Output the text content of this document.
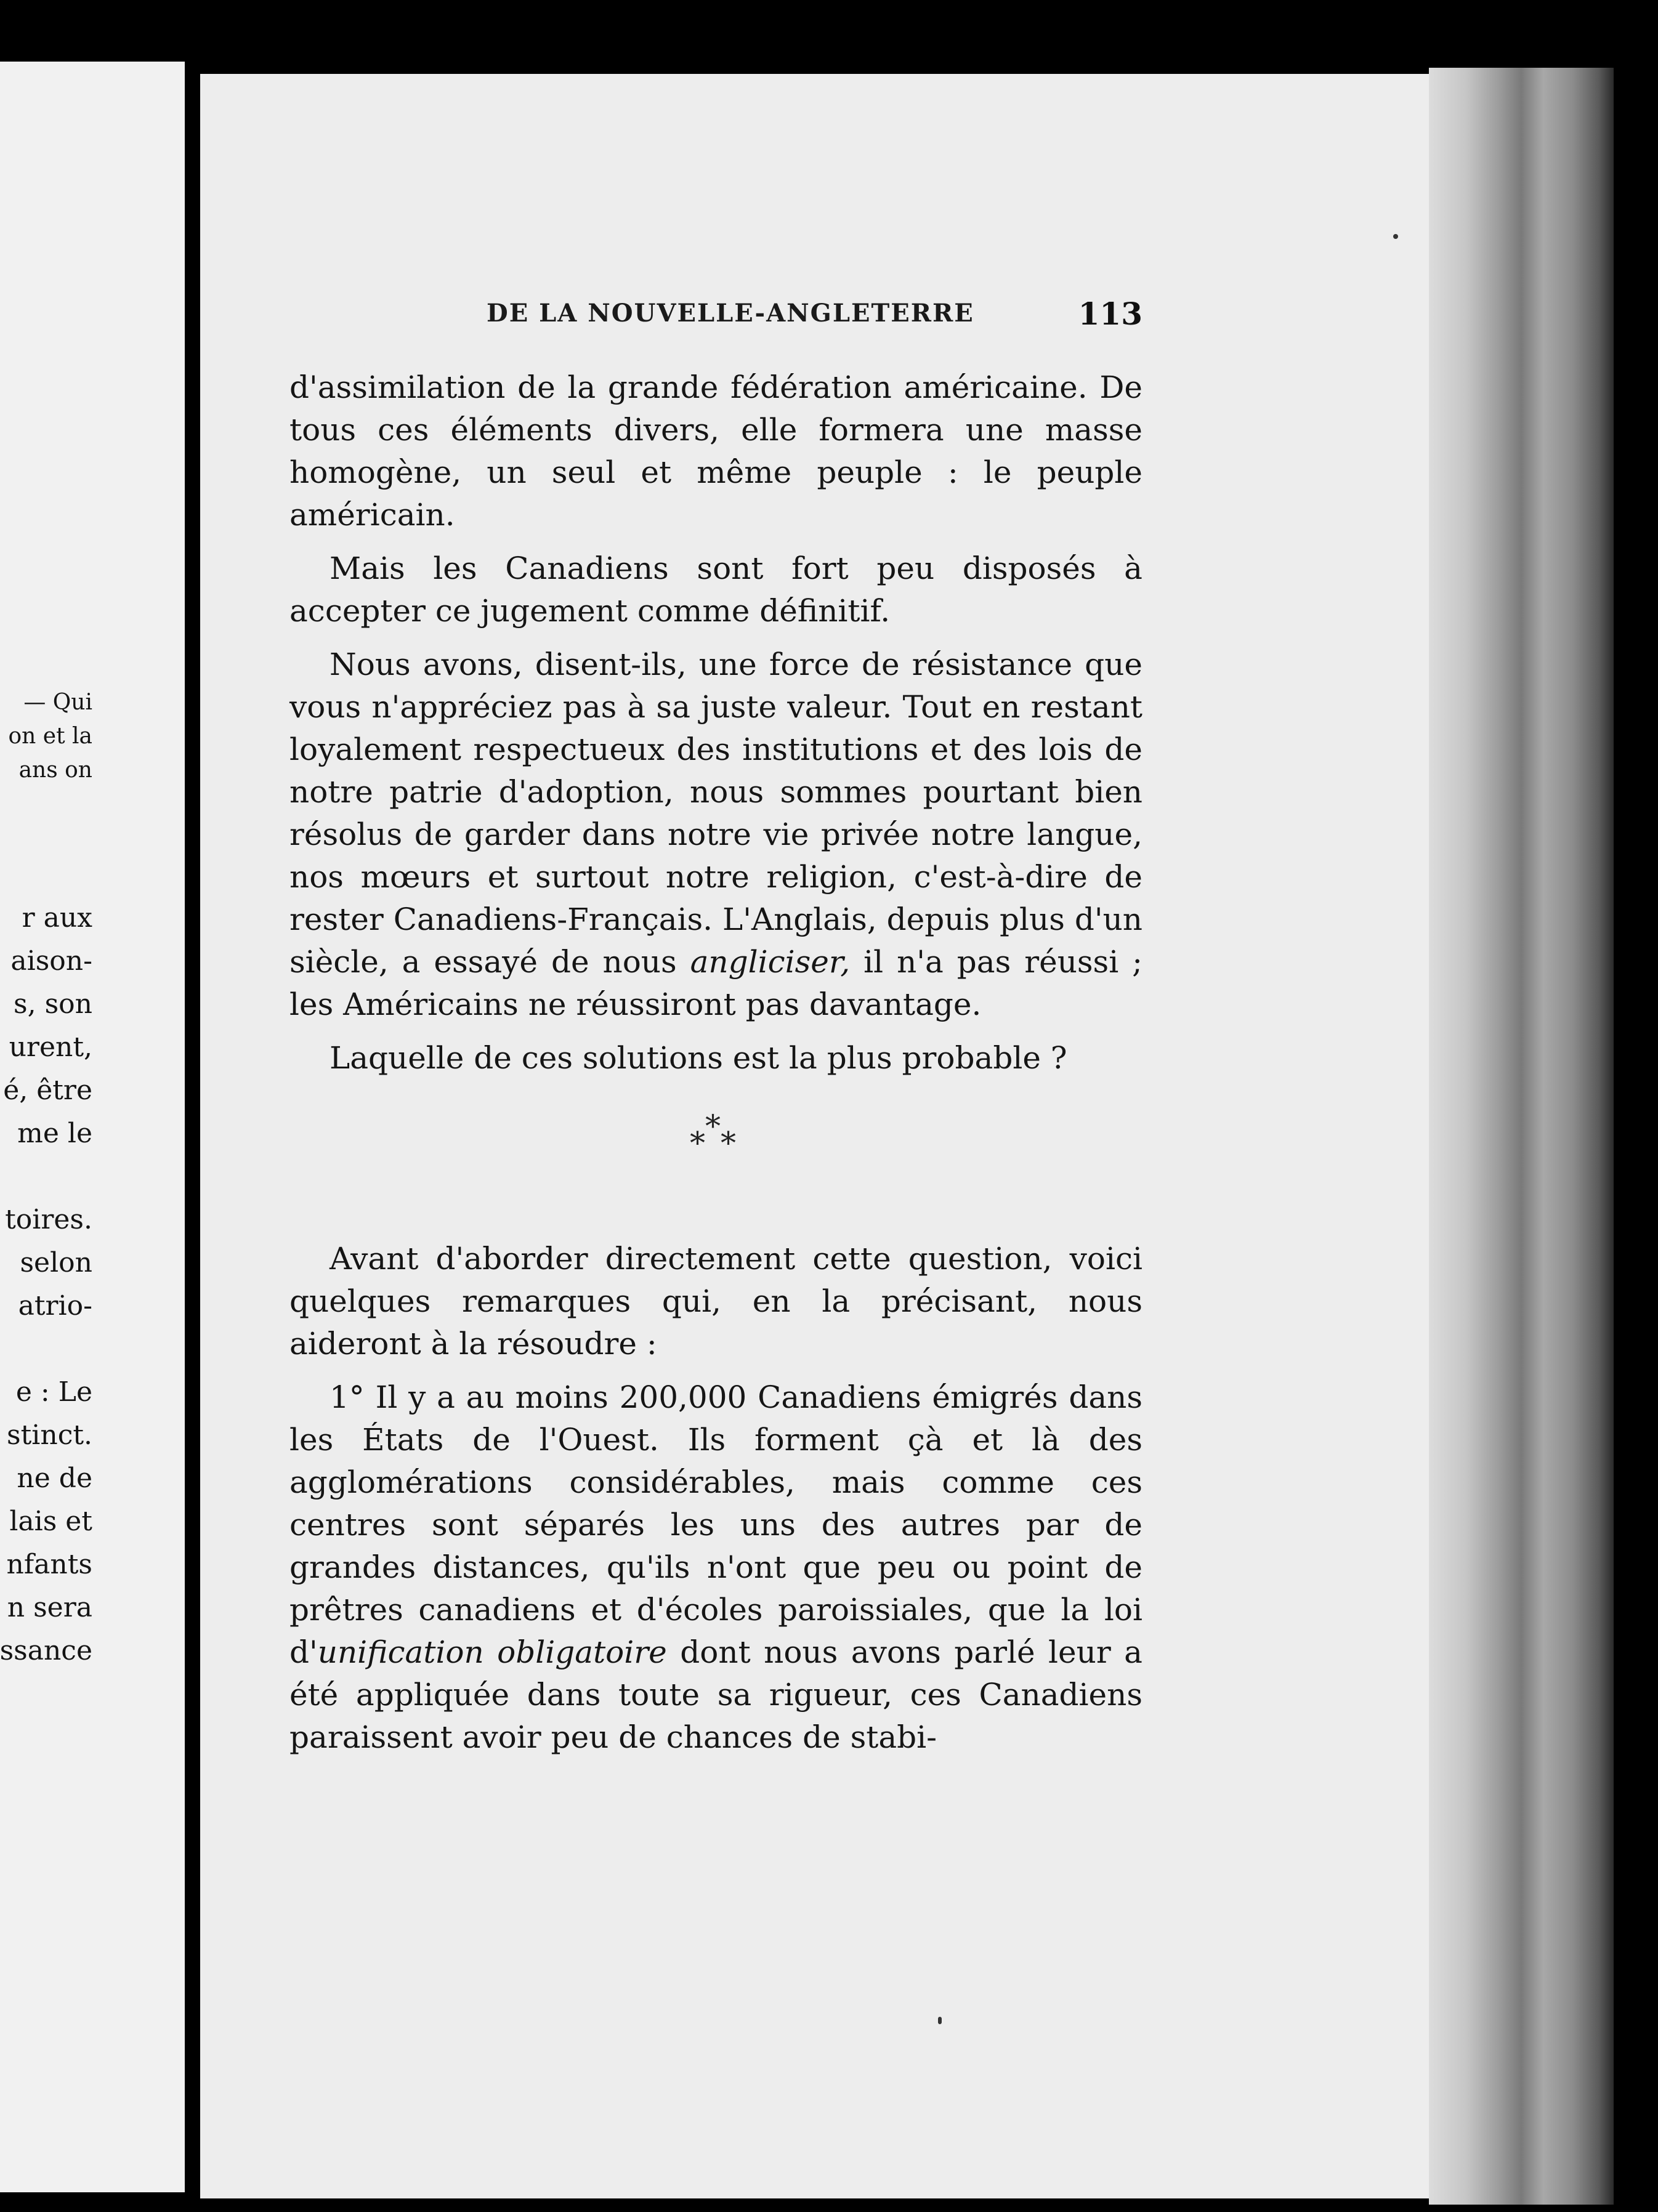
— Qui

on et la

ans on

r aux

aison-

s, son

urent,

é, être

me le

toires.

selon

atrio-

e : Le

stinct.

ne de

lais et

nfants

n sera

ssance

DE LA NOUVELLE-ANGLETERRE	113

d'assimilation de la grande fédération américaine. De tous ces éléments divers, elle formera une masse homogène, un seul et même peuple : le peuple américain.

Mais les Canadiens sont fort peu disposés à accepter ce jugement comme définitif.

Nous avons, disent-ils, une force de résistance que vous n'appréciez pas à sa juste valeur. Tout en restant loyalement respectueux des institutions et des lois de notre patrie d'adoption, nous sommes pourtant bien résolus de garder dans notre vie privée notre langue, nos mœurs et surtout notre religion, c'est-à-dire de rester Canadiens-Français. L'Anglais, depuis plus d'un siècle, a essayé de nous angliciser, il n'a pas réussi ; les Américains ne réussiront pas davantage.

Laquelle de ces solutions est la plus probable ?

***

Avant d'aborder directement cette question, voici quelques remarques qui, en la précisant, nous aideront à la résoudre :

1° Il y a au moins 200,000 Canadiens émigrés dans les États de l'Ouest. Ils forment çà et là des agglomérations considérables, mais comme ces centres sont séparés les uns des autres par de grandes distances, qu'ils n'ont que peu ou point de prêtres canadiens et d'écoles paroissiales, que la loi d'unification obligatoire dont nous avons parlé leur a été appliquée dans toute sa rigueur, ces Canadiens paraissent avoir peu de chances de stabi-
